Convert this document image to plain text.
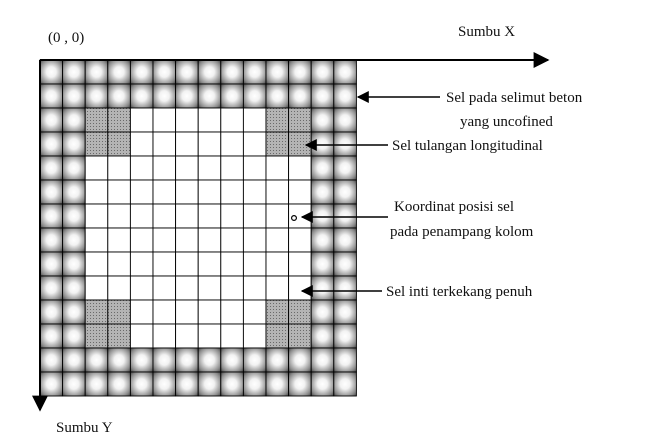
(0 , 0)	Sumbu X
Sumbu Y
Sel pada selimut beton
yang uncofined
Sel tulangan longitudinal
Koordinat posisi sel
pada penampang kolom
Sel inti terkekang penuh
